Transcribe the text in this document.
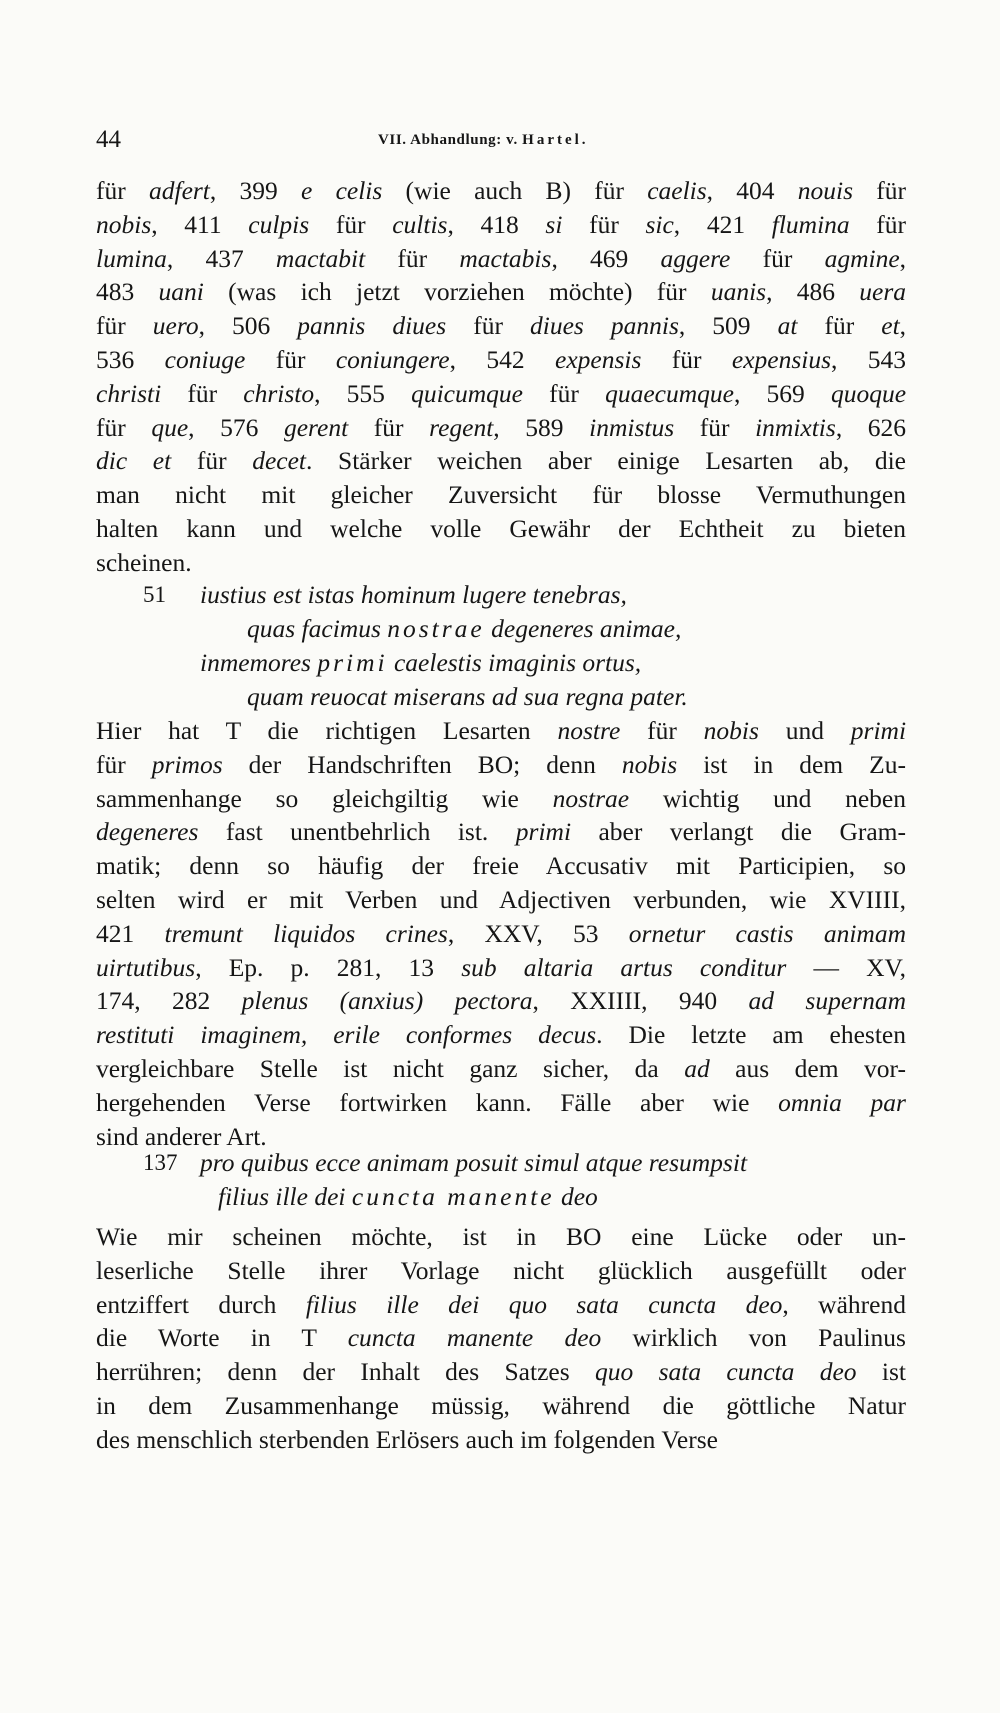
44	VII. Abhandlung: v. Hartel.
für adfert, 399 e celis (wie auch B) für caelis, 404 nouis für
nobis, 411 culpis für cultis, 418 si für sic, 421 flumina für
lumina, 437 mactabit für mactabis, 469 aggere für agmine,
483 uani (was ich jetzt vorziehen möchte) für uanis, 486 uera
für uero, 506 pannis diues für diues pannis, 509 at für et,
536 coniuge für coniungere, 542 expensis für expensius, 543
christi für christo, 555 quicumque für quaecumque, 569 quoque
für que, 576 gerent für regent, 589 inmistus für inmixtis, 626
dic et für decet. Stärker weichen aber einige Lesarten ab, die
man nicht mit gleicher Zuversicht für blosse Vermuthungen
halten kann und welche volle Gewähr der Echtheit zu bieten
scheinen.
51 iustius est istas hominum lugere tenebras,
quas facimus nostrae degeneres animae,
inmemores primi caelestis imaginis ortus,
quam reuocat miserans ad sua regna pater.
Hier hat T die richtigen Lesarten nostre für nobis und primi
für primos der Handschriften BO; denn nobis ist in dem Zu-
sammenhange so gleichgiltig wie nostrae wichtig und neben
degeneres fast unentbehrlich ist. primi aber verlangt die Gram-
matik; denn so häufig der freie Accusativ mit Participien, so
selten wird er mit Verben und Adjectiven verbunden, wie XVIIII,
421 tremunt liquidos crines, XXV, 53 ornetur castis animam
uirtutibus, Ep. p. 281, 13 sub altaria artus conditur — XV,
174, 282 plenus (anxius) pectora, XXIIII, 940 ad supernam
restituti imaginem, erile conformes decus. Die letzte am ehesten
vergleichbare Stelle ist nicht ganz sicher, da ad aus dem vor-
hergehenden Verse fortwirken kann. Fälle aber wie omnia par
sind anderer Art.
137 pro quibus ecce animam posuit simul atque resumpsit
filius ille dei cuncta manente deo
Wie mir scheinen möchte, ist in BO eine Lücke oder un-
leserliche Stelle ihrer Vorlage nicht glücklich ausgefüllt oder
entziffert durch filius ille dei quo sata cuncta deo, während
die Worte in T cuncta manente deo wirklich von Paulinus
herrühren; denn der Inhalt des Satzes quo sata cuncta deo ist
in dem Zusammenhange müssig, während die göttliche Natur
des menschlich sterbenden Erlösers auch im folgenden Verse
